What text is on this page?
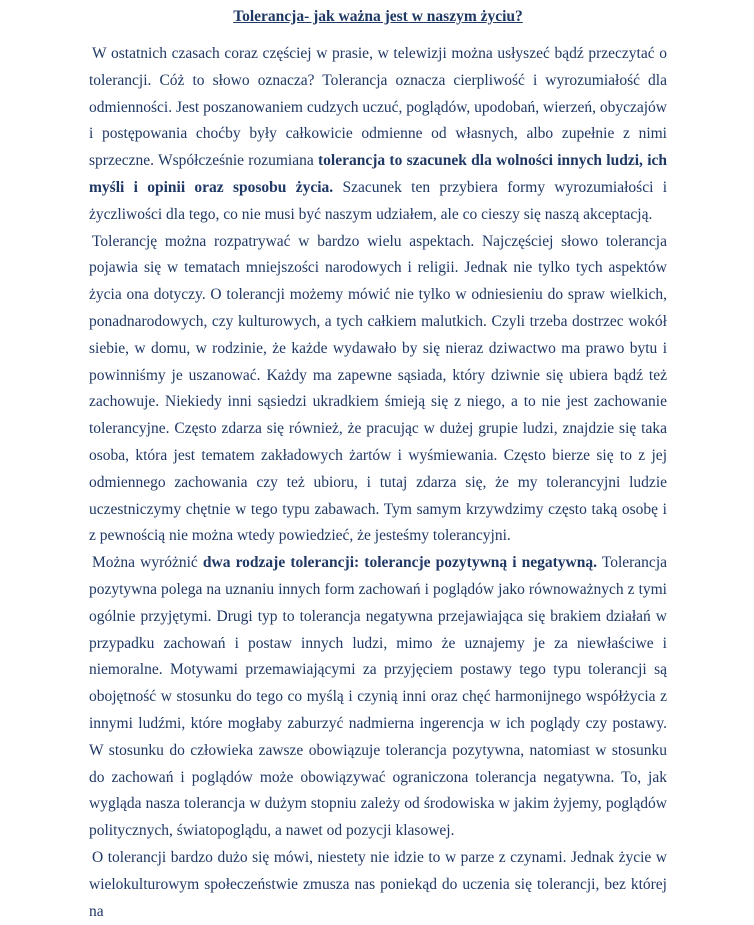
Tolerancja- jak ważna jest w naszym życiu?

W ostatnich czasach coraz częściej w prasie, w telewizji można usłyszeć bądź przeczytać o tolerancji. Cóż to słowo oznacza? Tolerancja oznacza cierpliwość i wyrozumiałość dla odmienności. Jest poszanowaniem cudzych uczuć, poglądów, upodobań, wierzeń, obyczajów i postępowania choćby były całkowicie odmienne od własnych, albo zupełnie z nimi sprzeczne. Współcześnie rozumiana tolerancja to szacunek dla wolności innych ludzi, ich myśli i opinii oraz sposobu życia. Szacunek ten przybiera formy wyrozumiałości i życzliwości dla tego, co nie musi być naszym udziałem, ale co cieszy się naszą akceptacją.

Tolerancję można rozpatrywać w bardzo wielu aspektach. Najczęściej słowo tolerancja pojawia się w tematach mniejszości narodowych i religii. Jednak nie tylko tych aspektów życia ona dotyczy. O tolerancji możemy mówić nie tylko w odniesieniu do spraw wielkich, ponadnarodowych, czy kulturowych, a tych całkiem malutkich. Czyli trzeba dostrzec wokół siebie, w domu, w rodzinie, że każde wydawało by się nieraz dziwactwo ma prawo bytu i powinniśmy je uszanować. Każdy ma zapewne sąsiada, który dziwnie się ubiera bądź też zachowuje. Niekiedy inni sąsiedzi ukradkiem śmieją się z niego, a to nie jest zachowanie tolerancyjne. Często zdarza się również, że pracując w dużej grupie ludzi, znajdzie się taka osoba, która jest tematem zakładowych żartów i wyśmiewania. Często bierze się to z jej odmiennego zachowania czy też ubioru, i tutaj zdarza się, że my tolerancyjni ludzie uczestniczymy chętnie w tego typu zabawach. Tym samym krzywdzimy często taką osobę i z pewnością nie można wtedy powiedzieć, że jesteśmy tolerancyjni.

Można wyróżnić dwa rodzaje tolerancji: tolerancje pozytywną i negatywną. Tolerancja pozytywna polega na uznaniu innych form zachowań i poglądów jako równoważnych z tymi ogólnie przyjętymi. Drugi typ to tolerancja negatywna przejawiająca się brakiem działań w przypadku zachowań i postaw innych ludzi, mimo że uznajemy je za niewłaściwe i niemoralne. Motywami przemawiającymi za przyjęciem postawy tego typu tolerancji są obojętność w stosunku do tego co myślą i czynią inni oraz chęć harmonijnego współżycia z innymi ludźmi, które mogłaby zaburzyć nadmierna ingerencja w ich poglądy czy postawy. W stosunku do człowieka zawsze obowiązuje tolerancja pozytywna, natomiast w stosunku do zachowań i poglądów może obowiązywać ograniczona tolerancja negatywna. To, jak wygląda nasza tolerancja w dużym stopniu zależy od środowiska w jakim żyjemy, poglądów politycznych, światopoglądu, a nawet od pozycji klasowej.

O tolerancji bardzo dużo się mówi, niestety nie idzie to w parze z czynami. Jednak życie w wielokulturowym społeczeństwie zmusza nas poniekąd do uczenia się tolerancji, bez której na
